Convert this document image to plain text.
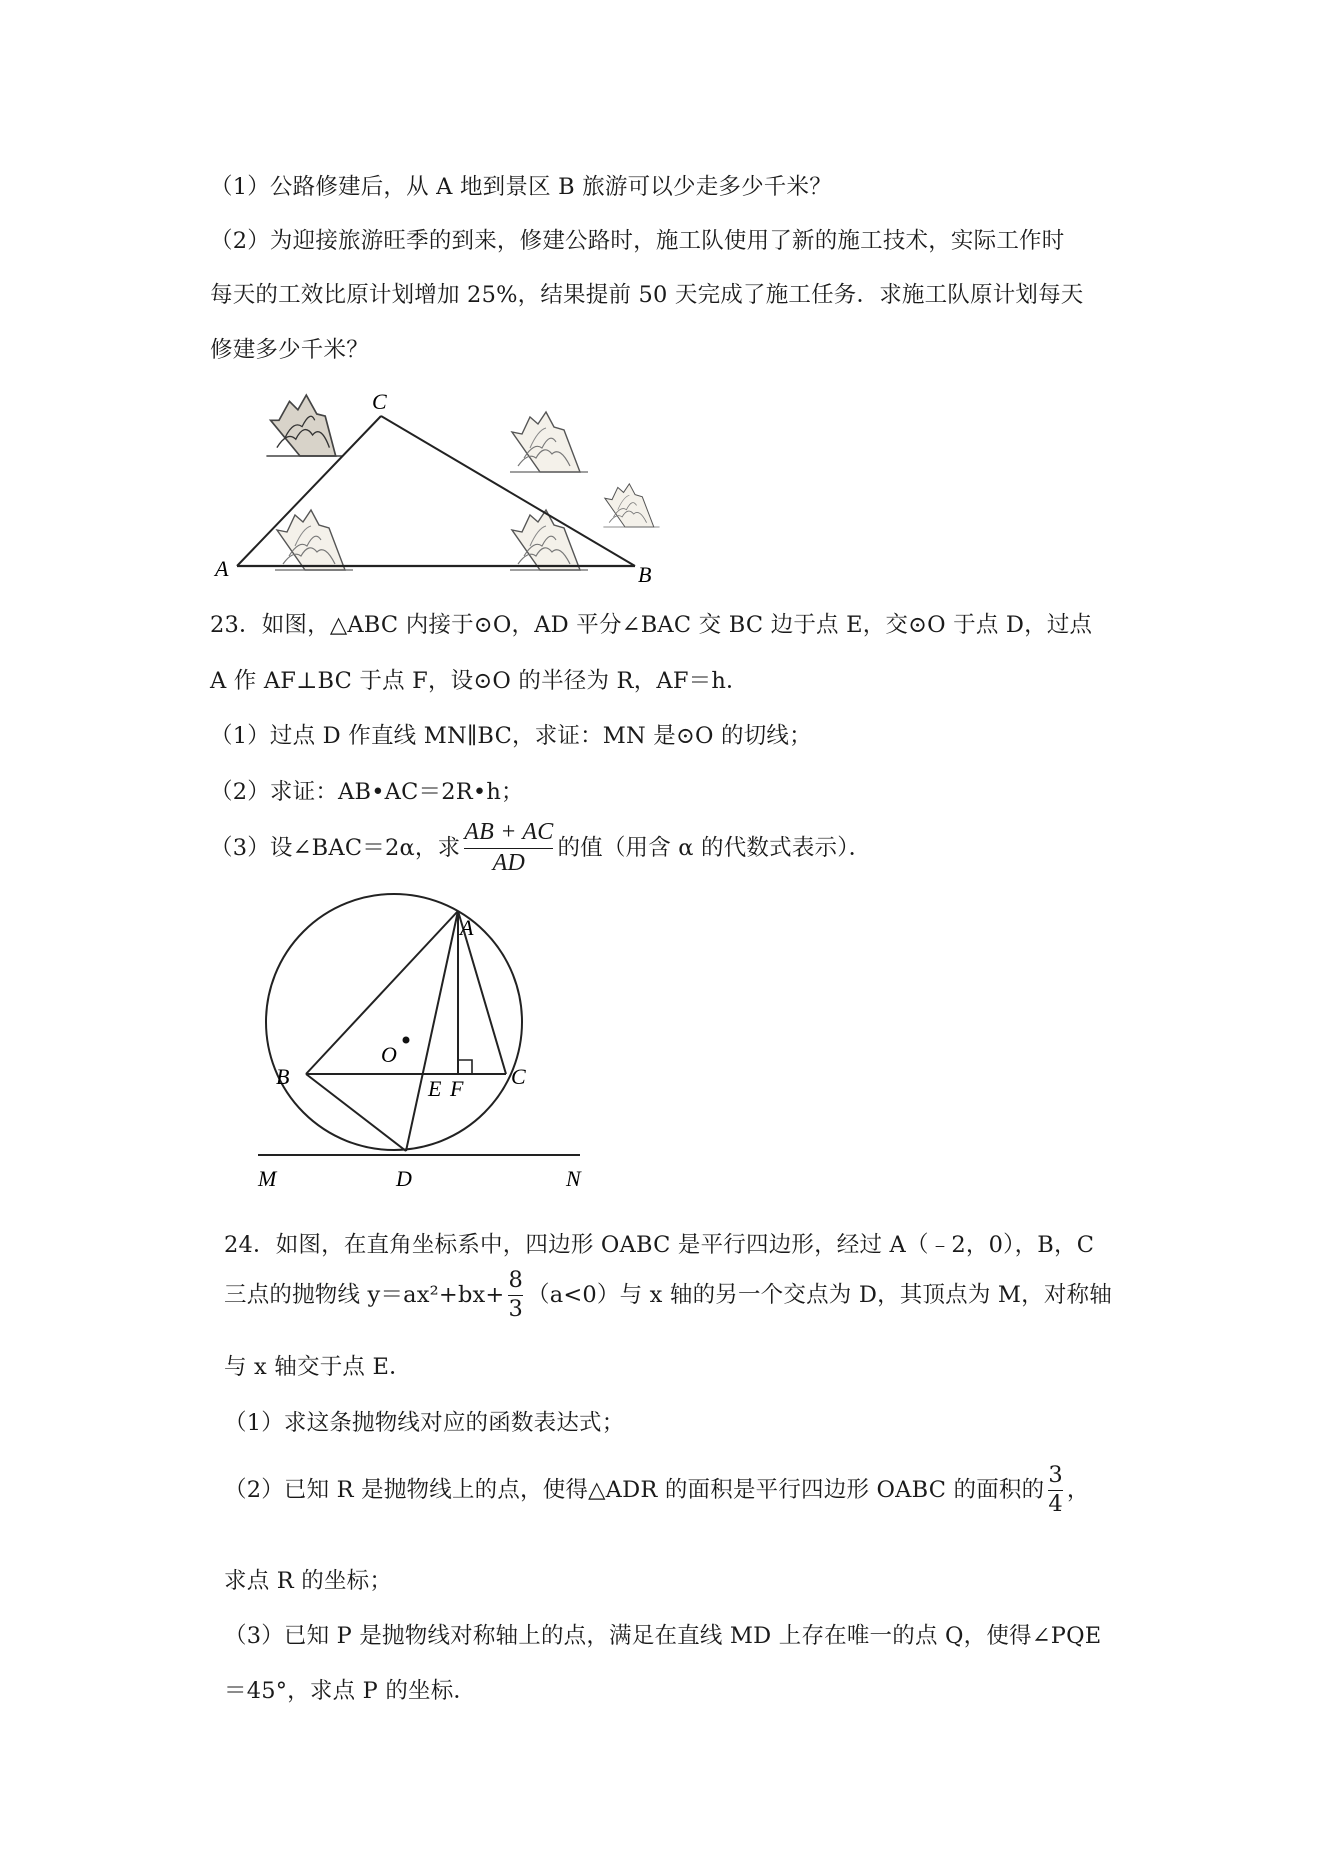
（1）公路修建后，从 A 地到景区 B 旅游可以少走多少千米？
（2）为迎接旅游旺季的到来，修建公路时，施工队使用了新的施工技术，实际工作时
每天的工效比原计划增加 25%，结果提前 50 天完成了施工任务．求施工队原计划每天
修建多少千米？
A	B
C
23．如图，△ABC 内接于⊙O，AD 平分∠BAC 交 BC 边于点 E，交⊙O 于点 D，过点
A 作 AF⊥BC 于点 F，设⊙O 的半径为 R，AF＝h．
（1）过点 D 作直线 MN∥BC，求证：MN 是⊙O 的切线；
（2）求证：AB•AC＝2R•h；
（3）设∠BAC＝2α，求 $\frac{AB + AC}{AD}$ 的值（用含 α 的代数式表示）．
A
B	C
O
E F
D
M	N
24．如图，在直角坐标系中，四边形 OABC 是平行四边形，经过 A（﹣2，0），B，C
三点的抛物线 $y=ax^2+bx+ \frac{8}{3} (a<0)$与 x 轴的另一个交点为 D，其顶点为 M，对称轴
与 x 轴交于点 E．
（1）求这条抛物线对应的函数表达式；
（2）已知 R 是抛物线上的点，使得△ADR 的面积是平行四边形 OABC 的面积的 $\frac{3}{4}$ ，
求点 R 的坐标；
（3）已知 P 是抛物线对称轴上的点，满足在直线 MD 上存在唯一的点 Q，使得∠PQE
＝45°，求点 P 的坐标．
